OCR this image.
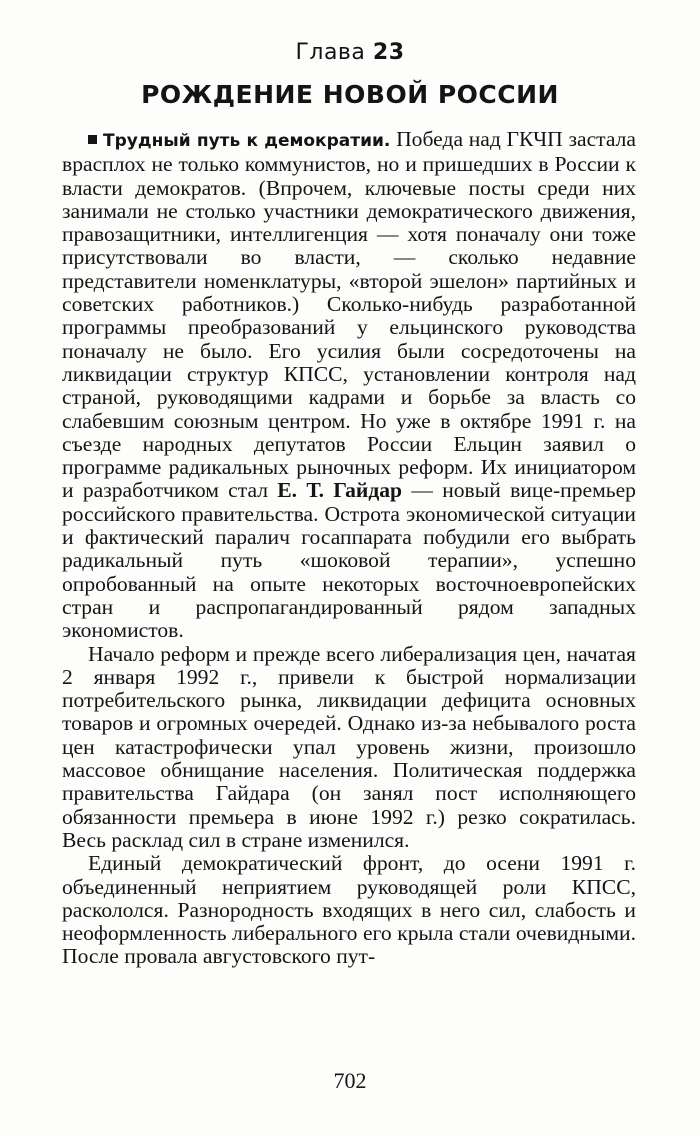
Глава 23
РОЖДЕНИЕ НОВОЙ РОССИИ

Трудный путь к демократии. Победа над ГКЧП застала врасплох не только коммунистов, но и пришедших в России к власти демократов. (Впрочем, ключевые посты среди них занимали не столько участники демократического движения, правозащитники, интеллигенция — хотя поначалу они тоже присутствовали во власти, — сколько недавние представители номенклатуры, «второй эшелон» партийных и советских работников.) Сколько-нибудь разработанной программы преобразований у ельцинского руководства поначалу не было. Его усилия были сосредоточены на ликвидации структур КПСС, установлении контроля над страной, руководящими кадрами и борьбе за власть со слабевшим союзным центром. Но уже в октябре 1991 г. на съезде народных депутатов России Ельцин заявил о программе радикальных рыночных реформ. Их инициатором и разработчиком стал Е. Т. Гайдар — новый вице-премьер российского правительства. Острота экономической ситуации и фактический паралич госаппарата побудили его выбрать радикальный путь «шоковой терапии», успешно опробованный на опыте некоторых восточноевропейских стран и распропагандированный рядом западных экономистов.

Начало реформ и прежде всего либерализация цен, начатая 2 января 1992 г., привели к быстрой нормализации потребительского рынка, ликвидации дефицита основных товаров и огромных очередей. Однако из-за небывалого роста цен катастрофически упал уровень жизни, произошло массовое обнищание населения. Политическая поддержка правительства Гайдара (он занял пост исполняющего обязанности премьера в июне 1992 г.) резко сократилась. Весь расклад сил в стране изменился.

Единый демократический фронт, до осени 1991 г. объединенный неприятием руководящей роли КПСС, раскололся. Разнородность входящих в него сил, слабость и неоформленность либерального его крыла стали очевидными. После провала августовского пут-

702
